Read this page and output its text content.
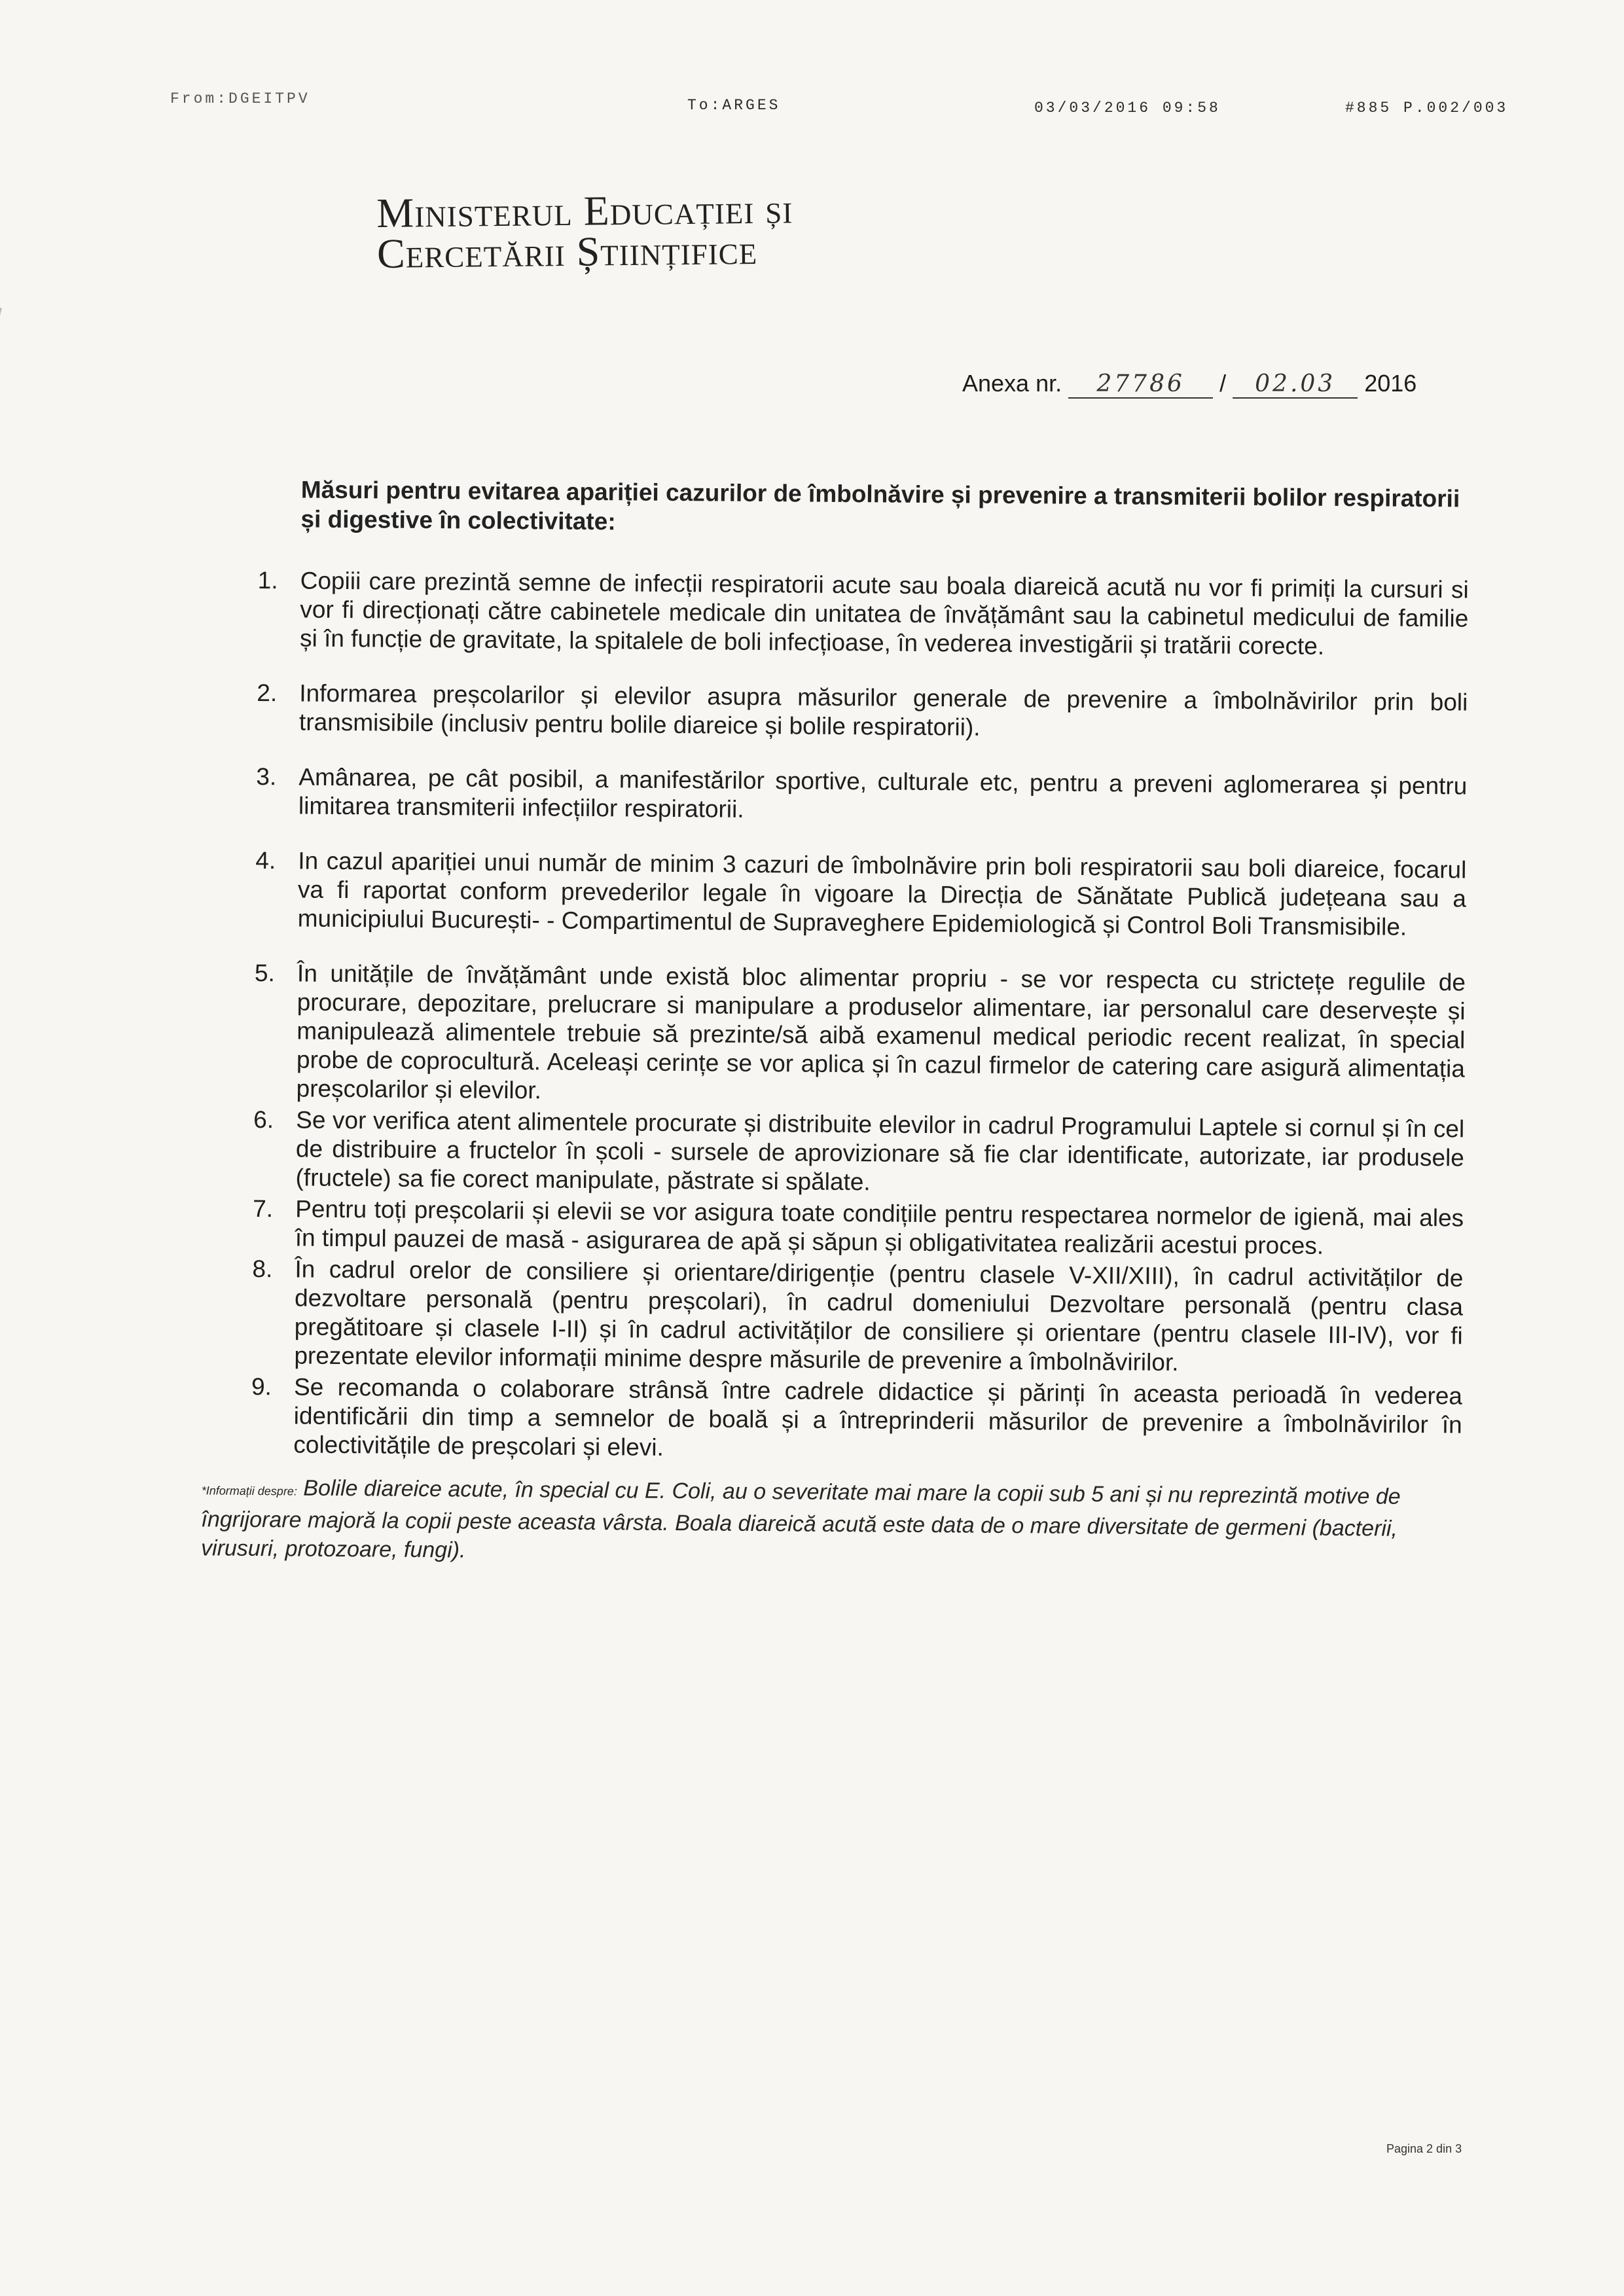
From:DGEITPV	To:ARGES	03/03/2016 09:58	#885 P.002/003
Ministerul Educației și
Cercetării Științifice
Anexa nr. 27786 / 02.03 2016
Măsuri pentru evitarea apariției cazurilor de îmbolnăvire și prevenire a transmiterii bolilor respiratorii și digestive în colectivitate:
1. Copiii care prezintă semne de infecții respiratorii acute sau boala diareică acută nu vor fi primiți la cursuri si vor fi direcționați către cabinetele medicale din unitatea de învățământ sau la cabinetul medicului de familie și în funcție de gravitate, la spitalele de boli infecțioase, în vederea investigării și tratării corecte.
2. Informarea preșcolarilor și elevilor asupra măsurilor generale de prevenire a îmbolnăvirilor prin boli transmisibile (inclusiv pentru bolile diareice și bolile respiratorii).
3. Amânarea, pe cât posibil, a manifestărilor sportive, culturale etc, pentru a preveni aglomerarea și pentru limitarea transmiterii infecțiilor respiratorii.
4. In cazul apariției unui număr de minim 3 cazuri de îmbolnăvire prin boli respiratorii sau boli diareice, focarul va fi raportat conform prevederilor legale în vigoare la Direcția de Sănătate Publică județeana sau a municipiului București- - Compartimentul de Supraveghere Epidemiologică și Control Boli Transmisibile.
5. În unitățile de învățământ unde există bloc alimentar propriu - se vor respecta cu strictețe regulile de procurare, depozitare, prelucrare si manipulare a produselor alimentare, iar personalul care deservește și manipulează alimentele trebuie să prezinte/să aibă examenul medical periodic recent realizat, în special probe de coprocultură. Aceleași cerințe se vor aplica și în cazul firmelor de catering care asigură alimentația preșcolarilor și elevilor.
6. Se vor verifica atent alimentele procurate și distribuite elevilor in cadrul Programului Laptele si cornul și în cel de distribuire a fructelor în școli - sursele de aprovizionare să fie clar identificate, autorizate, iar produsele (fructele) sa fie corect manipulate, păstrate si spălate.
7. Pentru toți preșcolarii și elevii se vor asigura toate condițiile pentru respectarea normelor de igienă, mai ales în timpul pauzei de masă - asigurarea de apă și săpun și obligativitatea realizării acestui proces.
8. În cadrul orelor de consiliere și orientare/dirigenție (pentru clasele V-XII/XIII), în cadrul activităților de dezvoltare personală (pentru preșcolari), în cadrul domeniului Dezvoltare personală (pentru clasa pregătitoare și clasele I-II) și în cadrul activităților de consiliere și orientare (pentru clasele III-IV), vor fi prezentate elevilor informații minime despre măsurile de prevenire a îmbolnăvirilor.
9. Se recomanda o colaborare strânsă între cadrele didactice și părinți în aceasta perioadă în vederea identificării din timp a semnelor de boală și a întreprinderii măsurilor de prevenire a îmbolnăvirilor în colectivitățile de preșcolari și elevi.
*Informații despre: Bolile diareice acute, în special cu E. Coli, au o severitate mai mare la copii sub 5 ani și nu reprezintă motive de îngrijorare majoră la copii peste aceasta vârsta. Boala diareică acută este data de o mare diversitate de germeni (bacterii, virusuri, protozoare, fungi).
Pagina 2 din 3
